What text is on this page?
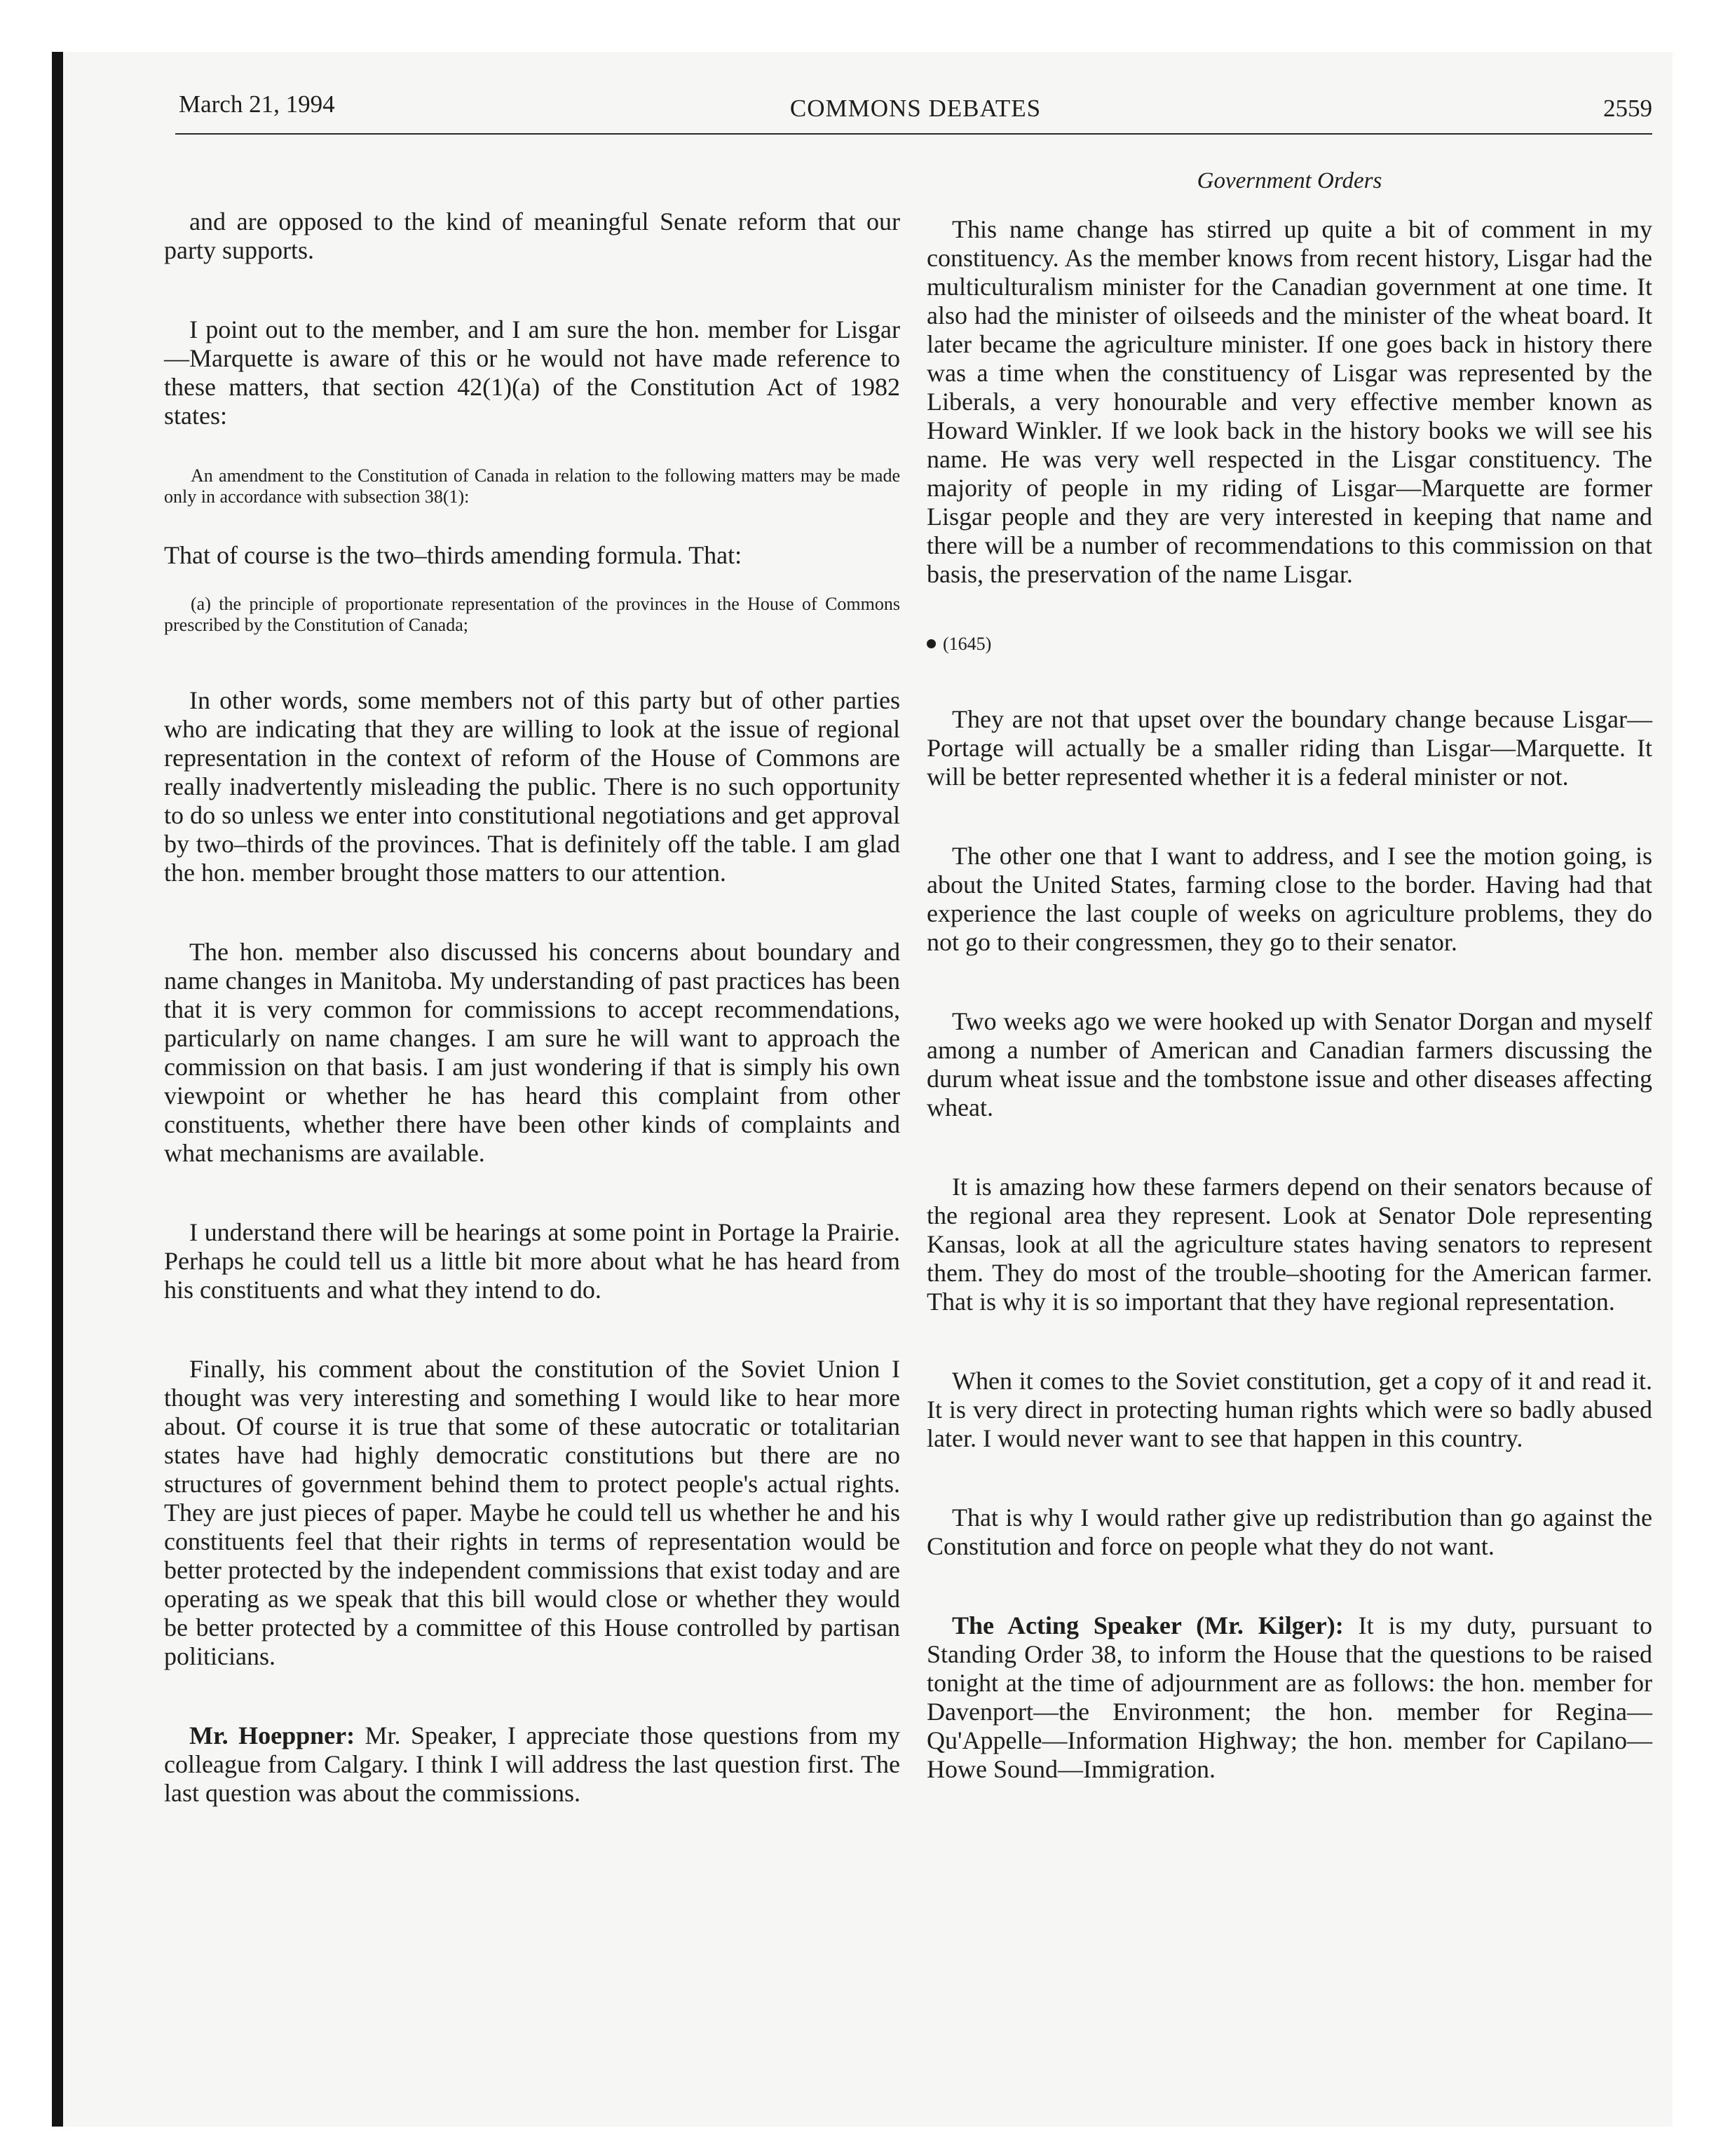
March 21, 1994	COMMONS DEBATES	2559

and are opposed to the kind of meaningful Senate reform that our party supports.

I point out to the member, and I am sure the hon. member for Lisgar—Marquette is aware of this or he would not have made reference to these matters, that section 42(1)(a) of the Constitution Act of 1982 states:

An amendment to the Constitution of Canada in relation to the following matters may be made only in accordance with subsection 38(1):

That of course is the two–thirds amending formula. That:

(a) the principle of proportionate representation of the provinces in the House of Commons prescribed by the Constitution of Canada;

In other words, some members not of this party but of other parties who are indicating that they are willing to look at the issue of regional representation in the context of reform of the House of Commons are really inadvertently misleading the public. There is no such opportunity to do so unless we enter into constitutional negotiations and get approval by two–thirds of the provinces. That is definitely off the table. I am glad the hon. member brought those matters to our attention.

The hon. member also discussed his concerns about boundary and name changes in Manitoba. My understanding of past practices has been that it is very common for commissions to accept recommendations, particularly on name changes. I am sure he will want to approach the commission on that basis. I am just wondering if that is simply his own viewpoint or whether he has heard this complaint from other constituents, whether there have been other kinds of complaints and what mechanisms are available.

I understand there will be hearings at some point in Portage la Prairie. Perhaps he could tell us a little bit more about what he has heard from his constituents and what they intend to do.

Finally, his comment about the constitution of the Soviet Union I thought was very interesting and something I would like to hear more about. Of course it is true that some of these autocratic or totalitarian states have had highly democratic constitutions but there are no structures of government behind them to protect people's actual rights. They are just pieces of paper. Maybe he could tell us whether he and his constituents feel that their rights in terms of representation would be better protected by the independent commissions that exist today and are operating as we speak that this bill would close or whether they would be better protected by a committee of this House controlled by partisan politicians.

Mr. Hoeppner: Mr. Speaker, I appreciate those questions from my colleague from Calgary. I think I will address the last question first. The last question was about the commissions.

Government Orders

This name change has stirred up quite a bit of comment in my constituency. As the member knows from recent history, Lisgar had the multiculturalism minister for the Canadian government at one time. It also had the minister of oilseeds and the minister of the wheat board. It later became the agriculture minister. If one goes back in history there was a time when the constituency of Lisgar was represented by the Liberals, a very honourable and very effective member known as Howard Winkler. If we look back in the history books we will see his name. He was very well respected in the Lisgar constituency. The majority of people in my riding of Lisgar—Marquette are former Lisgar people and they are very interested in keeping that name and there will be a number of recommendations to this commission on that basis, the preservation of the name Lisgar.

(1645)

They are not that upset over the boundary change because Lisgar—Portage will actually be a smaller riding than Lisgar—Marquette. It will be better represented whether it is a federal minister or not.

The other one that I want to address, and I see the motion going, is about the United States, farming close to the border. Having had that experience the last couple of weeks on agriculture problems, they do not go to their congressmen, they go to their senator.

Two weeks ago we were hooked up with Senator Dorgan and myself among a number of American and Canadian farmers discussing the durum wheat issue and the tombstone issue and other diseases affecting wheat.

It is amazing how these farmers depend on their senators because of the regional area they represent. Look at Senator Dole representing Kansas, look at all the agriculture states having senators to represent them. They do most of the trouble–shooting for the American farmer. That is why it is so important that they have regional representation.

When it comes to the Soviet constitution, get a copy of it and read it. It is very direct in protecting human rights which were so badly abused later. I would never want to see that happen in this country.

That is why I would rather give up redistribution than go against the Constitution and force on people what they do not want.

The Acting Speaker (Mr. Kilger): It is my duty, pursuant to Standing Order 38, to inform the House that the questions to be raised tonight at the time of adjournment are as follows: the hon. member for Davenport—the Environment; the hon. member for Regina—Qu'Appelle—Information Highway; the hon. member for Capilano—Howe Sound—Immigration.
